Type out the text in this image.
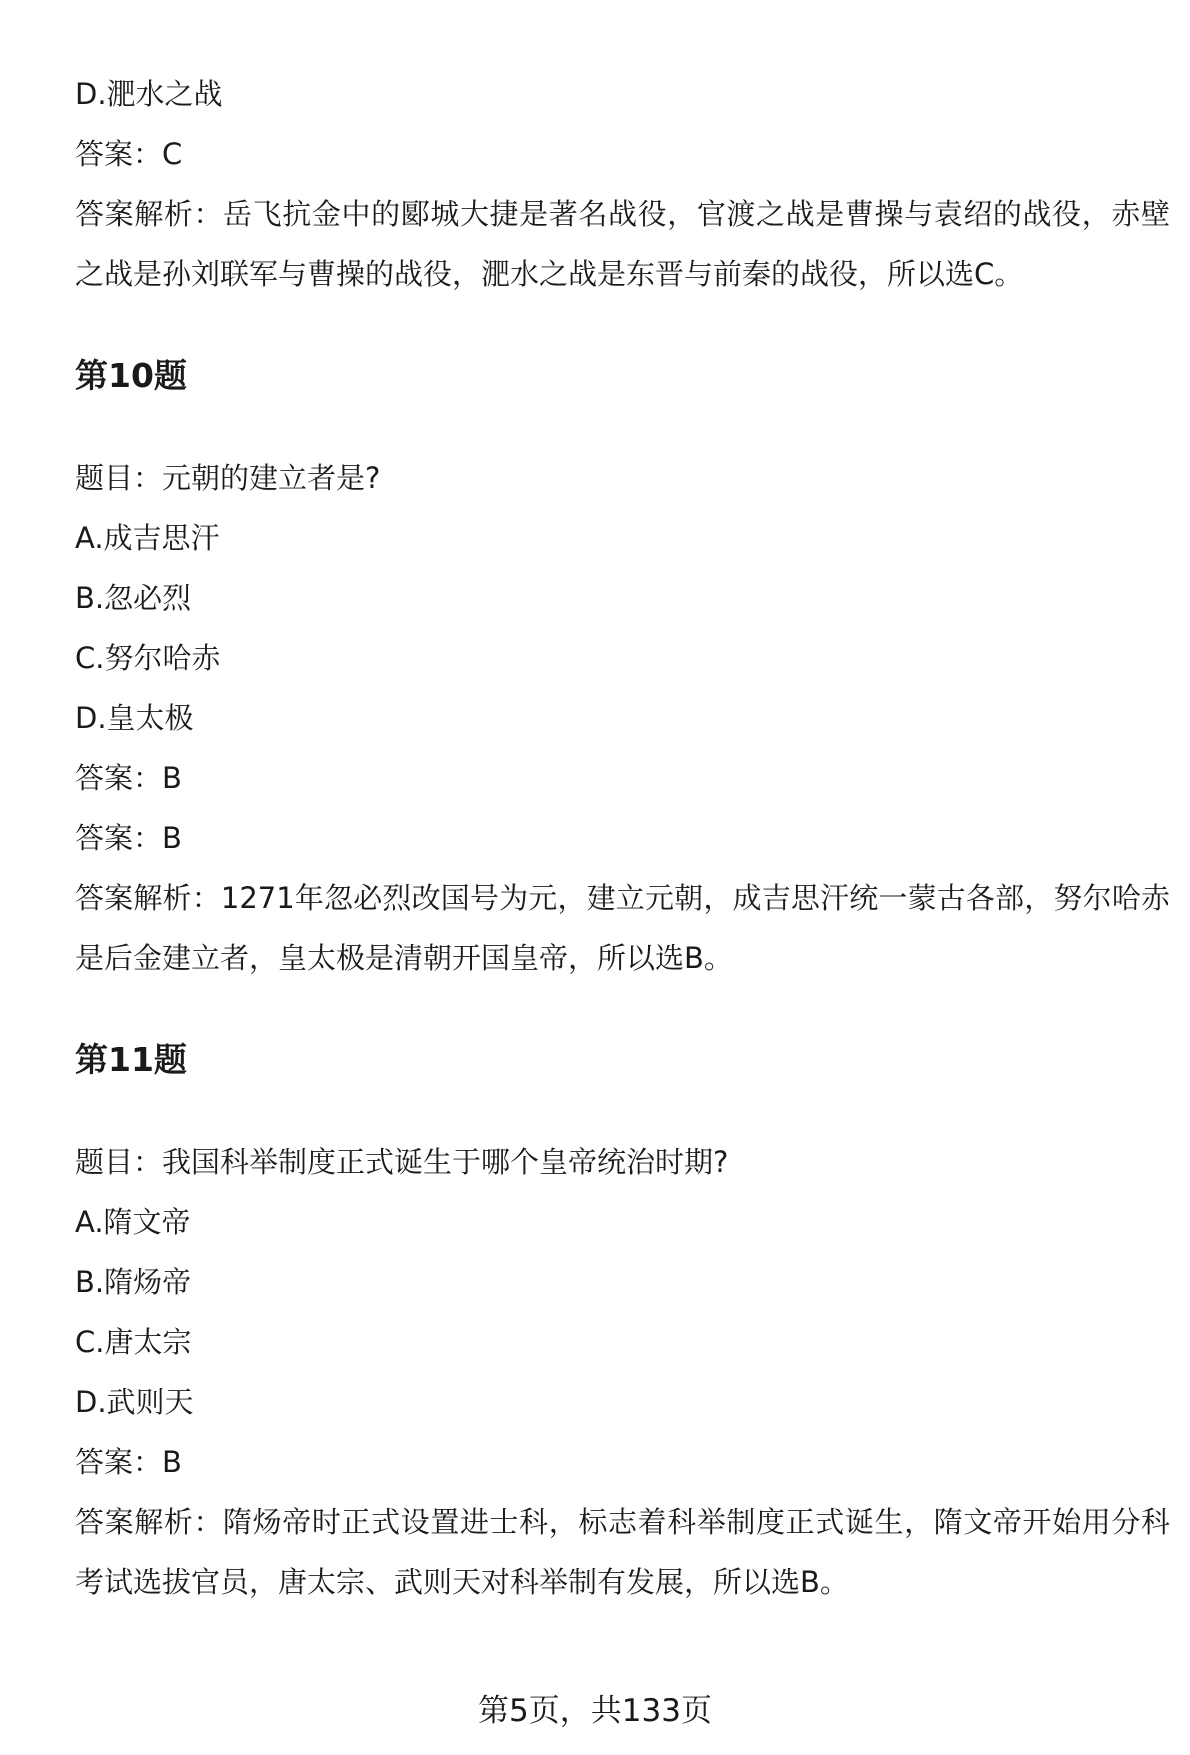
D.淝水之战

答案：C

答案解析：岳飞抗金中的郾城大捷是著名战役，官渡之战是曹操与袁绍的战役，赤壁之战是孙刘联军与曹操的战役，淝水之战是东晋与前秦的战役，所以选C。

第10题

题目：元朝的建立者是?

A.成吉思汗

B.忽必烈

C.努尔哈赤

D.皇太极

答案：B

答案：B

答案解析：1271年忽必烈改国号为元，建立元朝，成吉思汗统一蒙古各部，努尔哈赤是后金建立者，皇太极是清朝开国皇帝，所以选B。

第11题

题目：我国科举制度正式诞生于哪个皇帝统治时期?

A.隋文帝

B.隋炀帝

C.唐太宗

D.武则天

答案：B

答案解析：隋炀帝时正式设置进士科，标志着科举制度正式诞生，隋文帝开始用分科考试选拔官员，唐太宗、武则天对科举制有发展，所以选B。

第5页，共133页
